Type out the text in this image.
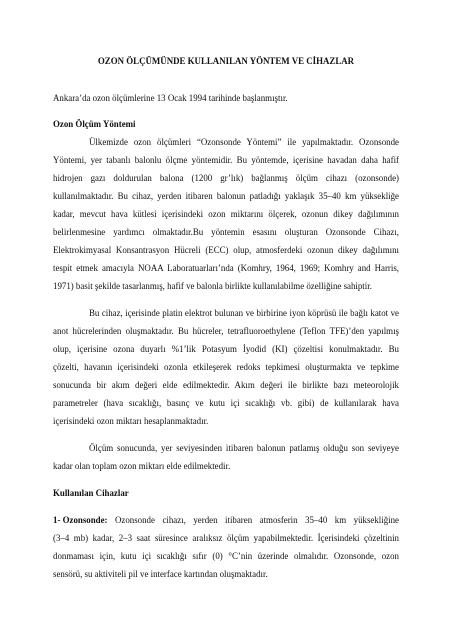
OZON ÖLÇÜMÜNDE KULLANILAN YÖNTEM VE CİHAZLAR
Ankara’da ozon ölçümlerine 13 Ocak 1994 tarihinde başlanmıştır.
Ozon Ölçüm Yöntemi
Ülkemizde ozon ölçümleri “Ozonsonde Yöntemi” ile yapılmaktadır. Ozonsonde
Yöntemi, yer tabanlı balonlu ölçme yöntemidir. Bu yöntemde, içerisine havadan daha hafif
hidrojen gazı doldurulan balona (1200 gr’lık) bağlanmış ölçüm cihazı (ozonsonde)
kullanılmaktadır. Bu cihaz, yerden itibaren balonun patladığı yaklaşık 35–40 km yüksekliğe
kadar, mevcut hava kütlesi içerisindeki ozon miktarını ölçerek, ozonun dikey dağılımının
belirlenmesine yardımcı olmaktadır.Bu yöntemin esasını oluşturan Ozonsonde Cihazı,
Elektrokimyasal Konsantrasyon Hücreli (ECC) olup, atmosferdeki ozonun dikey dağılımını
tespit etmek amacıyla NOAA Laboratuarları’nda (Komhry, 1964, 1969; Komhry and Harris,
1971) basit şekilde tasarlanmış, hafif ve balonla birlikte kullanılabilme özelliğine sahiptir.
Bu cihaz, içerisinde platin elektrot bulunan ve birbirine iyon köprüsü ile bağlı katot ve
anot hücrelerinden oluşmaktadır. Bu hücreler, tetrafluoroethylene (Teflon TFE)’den yapılmış
olup, içerisine ozona duyarlı %1’lik Potasyum İyodid (KI) çözeltisi konulmaktadır. Bu
çözelti, havanın içerisindeki ozonla etkileşerek redoks tepkimesi oluşturmakta ve tepkime
sonucunda bir akım değeri elde edilmektedir. Akım değeri ile birlikte bazı meteorolojik
parametreler (hava sıcaklığı, basınç ve kutu içi sıcaklığı vb. gibi) de kullanılarak hava
içerisindeki ozon miktarı hesaplanmaktadır.
Ölçüm sonucunda, yer seviyesinden itibaren balonun patlamış olduğu son seviyeye
kadar olan toplam ozon miktarı elde edilmektedir.
Kullanılan Cihazlar
1- Ozonsonde: Ozonsonde cihazı, yerden itibaren atmosferin 35–40 km yüksekliğine
(3–4 mb) kadar, 2–3 saat süresince aralıksız ölçüm yapabilmektedir. İçerisindeki çözeltinin
donmaması için, kutu içi sıcaklığı sıfır (0) °C’nin üzerinde olmalıdır. Ozonsonde, ozon
sensörü, su aktiviteli pil ve interface kartından oluşmaktadır.
